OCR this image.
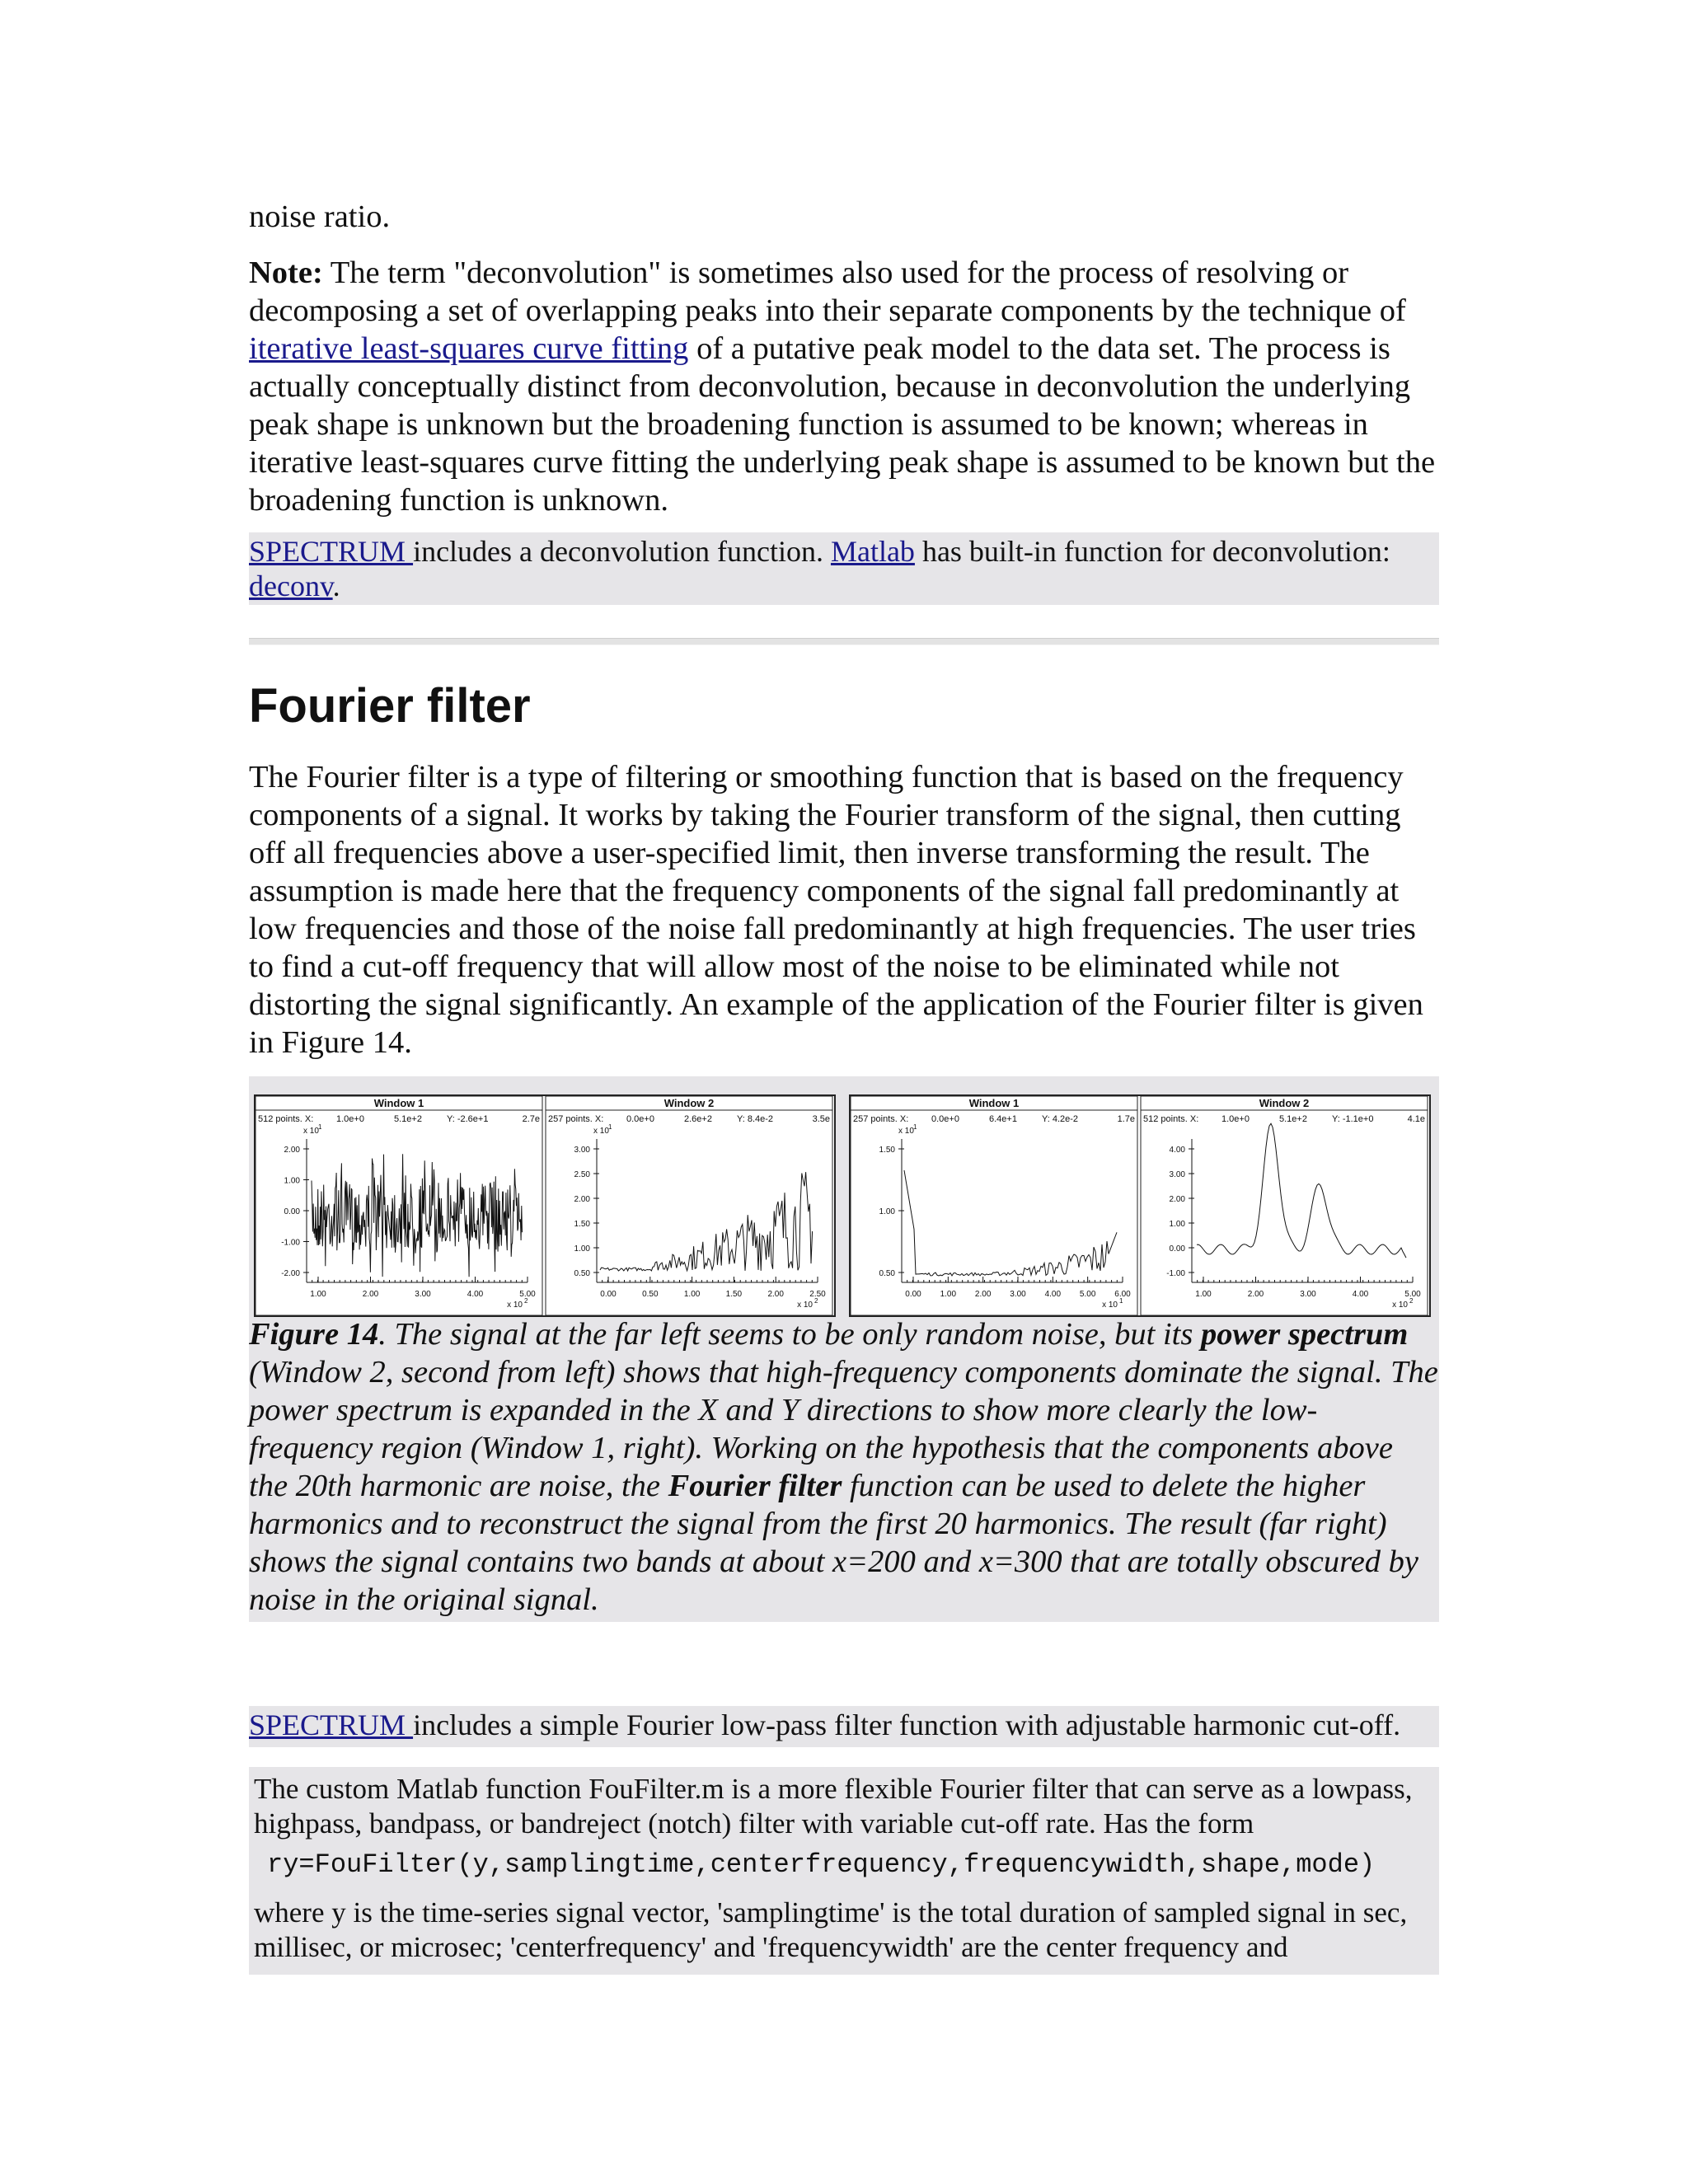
noise ratio.

Note: The term "deconvolution" is sometimes also used for the process of resolving or decomposing a set of overlapping peaks into their separate components by the technique of iterative least-squares curve fitting of a putative peak model to the data set. The process is actually conceptually distinct from deconvolution, because in deconvolution the underlying peak shape is unknown but the broadening function is assumed to be known; whereas in iterative least-squares curve fitting the underlying peak shape is assumed to be known but the broadening function is unknown.

SPECTRUM includes a deconvolution function. Matlab has built-in function for deconvolution: deconv.

Fourier filter

The Fourier filter is a type of filtering or smoothing function that is based on the frequency components of a signal. It works by taking the Fourier transform of the signal, then cutting off all frequencies above a user-specified limit, then inverse transforming the result. The assumption is made here that the frequency components of the signal fall predominantly at low frequencies and those of the noise fall predominantly at high frequencies. The user tries to find a cut-off frequency that will allow most of the noise to be eliminated while not distorting the signal significantly. An example of the application of the Fourier filter is given in Figure 14.

Window 1
512 points. X:	1.0e+0	5.1e+2	Y: -2.6e+1	2.7e
x 10 1
2.00
1.00
0.00
-1.00
-2.00
1.00	2.00	3.00	4.00	5.00
x 10 2
Window 2
257 points. X:	0.0e+0	2.6e+2	Y: 8.4e-2	3.5e
x 10 1
3.00
2.50
2.00
1.50
1.00
0.50
0.00	0.50	1.00	1.50	2.00	2.50
x 10 2
Window 1
257 points. X:	0.0e+0	6.4e+1	Y: 4.2e-2	1.7e
x 10 1
1.50
1.00
0.50
0.00 1.00 2.00 3.00 4.00 5.00 6.00
x 10 1
Window 2
512 points. X:	1.0e+0	5.1e+2	Y: -1.1e+0	4.1e
4.00
3.00
2.00
1.00
0.00
-1.00
1.00	2.00	3.00	4.00	5.00
x 10 2
Figure 14. The signal at the far left seems to be only random noise, but its power spectrum (Window 2, second from left) shows that high-frequency components dominate the signal. The power spectrum is expanded in the X and Y directions to show more clearly the low-frequency region (Window 1, right). Working on the hypothesis that the components above the 20th harmonic are noise, the Fourier filter function can be used to delete the higher harmonics and to reconstruct the signal from the first 20 harmonics. The result (far right) shows the signal contains two bands at about x=200 and x=300 that are totally obscured by noise in the original signal.

SPECTRUM includes a simple Fourier low-pass filter function with adjustable harmonic cut-off.

The custom Matlab function FouFilter.m is a more flexible Fourier filter that can serve as a lowpass, highpass, bandpass, or bandreject (notch) filter with variable cut-off rate. Has the form

ry=FouFilter(y,samplingtime,centerfrequency,frequencywidth,shape,mode)

where y is the time-series signal vector, 'samplingtime' is the total duration of sampled signal in sec, millisec, or microsec; 'centerfrequency' and 'frequencywidth' are the center frequency and
